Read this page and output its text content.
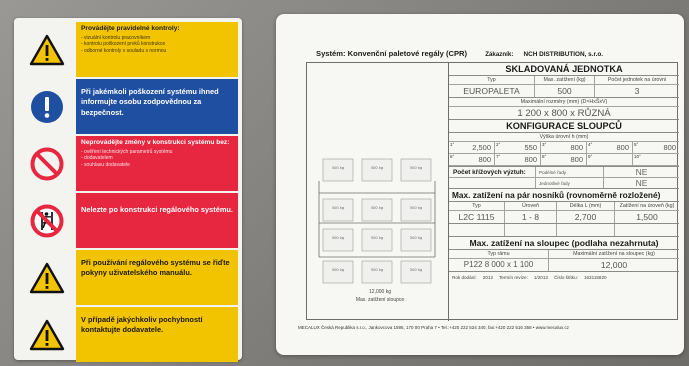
Provádějte pravidelné kontroly:
- vizuální kontrolu pracovníkem
- kontrolu poškození prvků konstrukce
- odborné kontroly v souladu s normou
Při jakémkoli poškození systému ihned informujte osobu zodpovědnou za bezpečnost.
Neprovádějte změny v konstrukci systému bez:
- ověření technických parametrů systému
- dodavatelem
- souhlasu dodavatele
Nelezte po konstrukci regálového systému.
Při používání regálového systému se řiďte pokyny uživatelského manuálu.
V případě jakýchkoliv pochybností kontaktujte dodavatele.
Systém: Konvenční paletové regály (CPR)	Zákazník: NCH DISTRIBUTION, s.r.o.
500 kg	500 kg	500 kg
500 kg	500 kg	500 kg
500 kg	500 kg	500 kg
500 kg	500 kg	500 kg
12,000 kg
Max. zatížení sloupce
SKLADOVANÁ JEDNOTKA
Typ	Max. zatížení (kg)	Počet jednotek na úrovni
EUROPALETA	500	3
Maximální rozměry (mm) (D×HxŠxV)
1 200 x 800 x RŮZNÁ
KONFIGURACE SLOUPCŮ
Výška úrovní h (mm)
1°	2,500	2°	550	3°	800	4°	800	5°	800
6°	800	7°	800	8°	800	9°	10°
Počet křížových výztuh:	Podélné řady	NE
Jednotlivé řady	NE
Max. zatížení na pár nosníků (rovnoměrně rozložené)
Typ	Úroveň	Délka L (mm)	Zatížení na úroveň (kg)
L2C 1115	1 - 8	2,700	1,500
Max. zatížení na sloupec (podlaha nezahrnuta)
Typ rámu	Maximální zatížení na sloupec (kg)
P122 8 000 x 1 100	12,000
Rok dodání:	2012	Termín revize:	1/2013	Číslo štítku:	163115820
MECALUX Česká Republika s.r.o., Jankovcova 1595, 170 00 Praha 7 • Tel.:+420 222 524 340, fax:+420 222 516 358 • www.mecalux.cz
